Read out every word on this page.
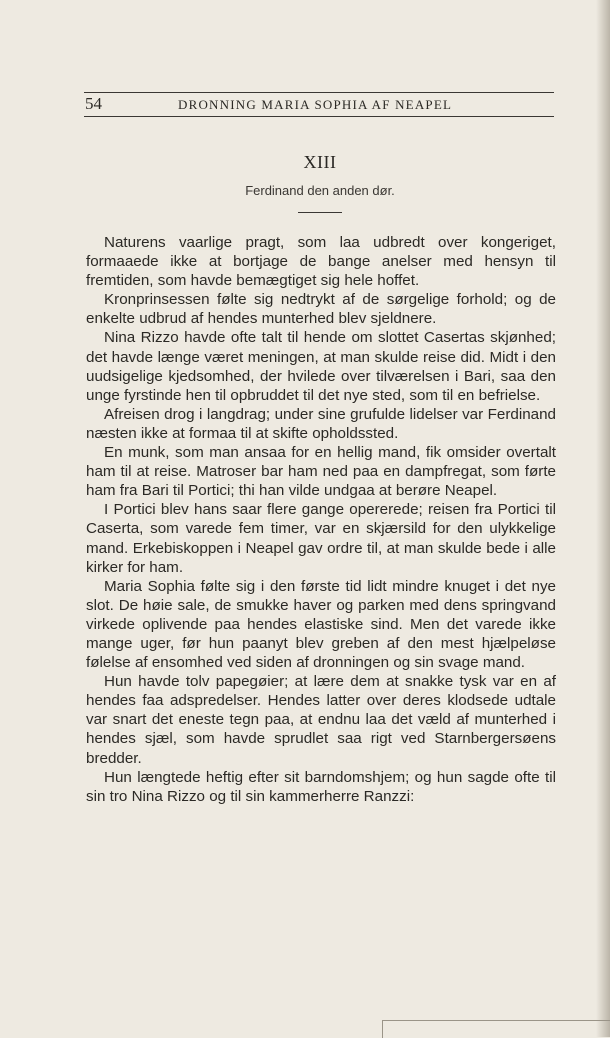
54	DRONNING MARIA SOPHIA AF NEAPEL
XIII
Ferdinand den anden dør.

Naturens vaarlige pragt, som laa udbredt over kongeriget, formaaede ikke at bortjage de bange anelser med hensyn til fremtiden, som havde bemægtiget sig hele hoffet.

Kronprinsessen følte sig nedtrykt af de sørgelige forhold; og de enkelte udbrud af hendes munterhed blev sjeldnere.

Nina Rizzo havde ofte talt til hende om slottet Casertas skjønhed; det havde længe været meningen, at man skulde reise did. Midt i den uudsigelige kjedsomhed, der hvilede over tilværelsen i Bari, saa den unge fyrstinde hen til opbruddet til det nye sted, som til en befrielse.

Afreisen drog i langdrag; under sine grufulde lidelser var Ferdinand næsten ikke at formaa til at skifte opholdssted.

En munk, som man ansaa for en hellig mand, fik omsider overtalt ham til at reise. Matroser bar ham ned paa en dampfregat, som førte ham fra Bari til Portici; thi han vilde undgaa at berøre Neapel.

I Portici blev hans saar flere gange opererede; reisen fra Portici til Caserta, som varede fem timer, var en skjærsild for den ulykkelige mand. Erkebiskoppen i Neapel gav ordre til, at man skulde bede i alle kirker for ham.

Maria Sophia følte sig i den første tid lidt mindre knuget i det nye slot. De høie sale, de smukke haver og parken med dens springvand virkede oplivende paa hendes elastiske sind. Men det varede ikke mange uger, før hun paanyt blev greben af den mest hjælpeløse følelse af ensomhed ved siden af dronningen og sin svage mand.

Hun havde tolv papegøier; at lære dem at snakke tysk var en af hendes faa adspredelser. Hendes latter over deres klodsede udtale var snart det eneste tegn paa, at endnu laa det væld af munterhed i hendes sjæl, som havde sprudlet saa rigt ved Starnbergersøens bredder.

Hun længtede heftig efter sit barndomshjem; og hun sagde ofte til sin tro Nina Rizzo og til sin kammerherre Ranzzi:
